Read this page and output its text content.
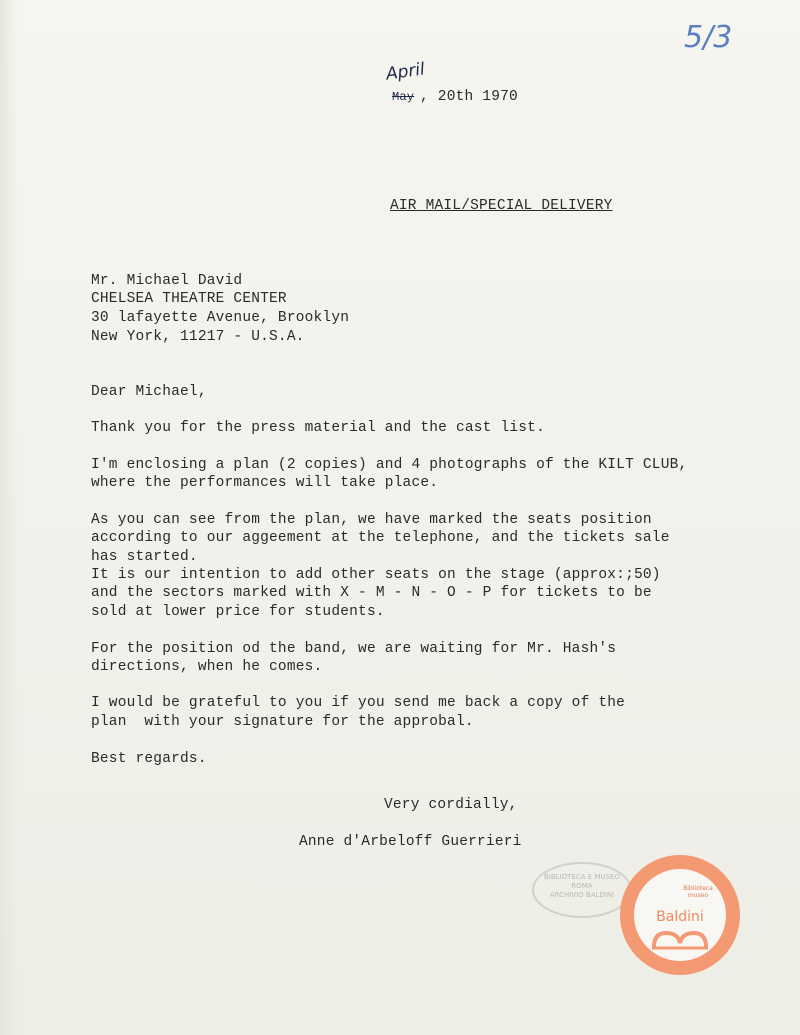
5/3
April
May , 20th 1970
AIR MAIL/SPECIAL DELIVERY
Mr. Michael David
CHELSEA THEATRE CENTER
30 lafayette Avenue, Brooklyn
New York, 11217 - U.S.A.
Dear Michael,
Thank you for the press material and the cast list.
I'm enclosing a plan (2 copies) and 4 photographs of the KILT CLUB,
where the performances will take place.
As you can see from the plan, we have marked the seats position
according to our aggeement at the telephone, and the tickets sale
has started.
It is our intention to add other seats on the stage (approx:;50)
and the sectors marked with X - M - N - O - P for tickets to be
sold at lower price for students.
For the position od the band, we are waiting for Mr. Hash's
directions, when he comes.
I would be grateful to you if you send me back a copy of the
plan  with your signature for the approbal.
Best regards.
Very cordially,
Anne d'Arbeloff Guerrieri
BIBLIOTECA E MUSEO
ROMA
ARCHIVIO BALDINI
Biblioteca museo
Baldini
